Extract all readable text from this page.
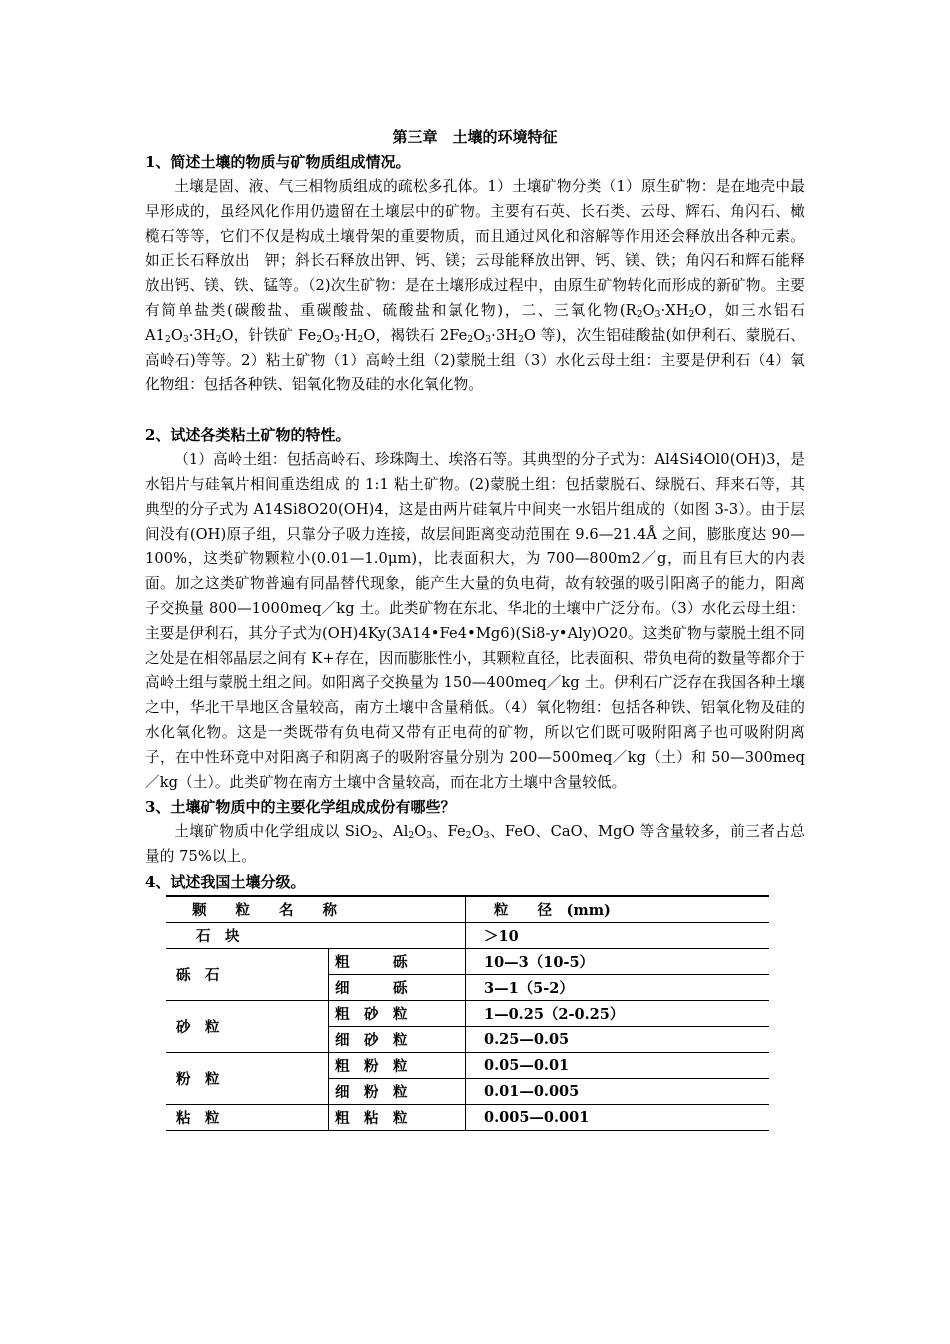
第三章　土壤的环境特征

1、简述土壤的物质与矿物质组成情况。

土壤是固、液、气三相物质组成的疏松多孔体。1）土壤矿物分类（1）原生矿物：是在地壳中最早形成的，虽经风化作用仍遗留在土壤层中的矿物。主要有石英、长石类、云母、辉石、角闪石、橄榄石等等，它们不仅是构成土壤骨架的重要物质，而且通过风化和溶解等作用还会释放出各种元素。如正长石释放出　钾；斜长石释放出钾、钙、镁；云母能释放出钾、钙、镁、铁；角闪石和辉石能释放出钙、镁、铁、锰等。（2)次生矿物：是在土壤形成过程中，由原生矿物转化而形成的新矿物。主要有简单盐类(碳酸盐、重碳酸盐、硫酸盐和氯化物)，二、三氧化物($R_2O_3\cdot XH_2O$，如三水铝石 $A1_2O_3\cdot 3H_2O$，针铁矿 $Fe_2O_3\cdot H_2O$，褐铁石 $2Fe_2O_3\cdot 3H_2O$ 等)，次生铝硅酸盐(如伊利石、蒙脱石、高岭石)等等。2）粘土矿物（1）高岭土组（2)蒙脱土组（3）水化云母土组：主要是伊利石（4）氧化物组：包括各种铁、铝氧化物及硅的水化氧化物。

2、试述各类粘土矿物的特性。

（1）高岭土组：包括高岭石、珍珠陶土、埃洛石等。其典型的分子式为：Al4Si4Ol0(OH)3，是水铝片与硅氧片相间重迭组成 的 1:1 粘土矿物。(2)蒙脱土组：包括蒙脱石、绿脱石、拜来石等，其典型的分子式为 A14Si8O20(OH)4，这是由两片硅氧片中间夹一水铝片组成的（如图 3-3）。由于层间没有(OH)原子组，只靠分子吸力连接，故层间距离变动范围在 9.6—21.4Å 之间，膨胀度达 90—100%，这类矿物颗粒小(0.01—1.0μm)，比表面积大，为 700—800m2／g，而且有巨大的内表面。加之这类矿物普遍有同晶替代现象，能产生大量的负电荷，故有较强的吸引阳离子的能力，阳离子交换量 800—1000meq／kg 土。此类矿物在东北、华北的土壤中广泛分布。（3）水化云母土组：主要是伊利石，其分子式为(OH)4Ky(3A14•Fe4•Mg6)(Si8-y•Aly)O20。这类矿物与蒙脱土组不同之处是在相邻晶层之间有 K+存在，因而膨胀性小，其颗粒直径，比表面积、带负电荷的数量等都介于高岭土组与蒙脱土组之间。如阳离子交换量为 150—400meq／kg 土。伊利石广泛存在我国各种土壤之中，华北干旱地区含量较高，南方土壤中含量稍低。（4）氧化物组：包括各种铁、铝氧化物及硅的水化氧化物。这是一类既带有负电荷又带有正电荷的矿物，所以它们既可吸附阳离子也可吸附阴离子，在中性环竟中对阳离子和阴离子的吸附容量分别为 200—500meq／kg（土）和 50—300meq／kg（土）。此类矿物在南方土壤中含量较高，而在北方土壤中含量较低。

3、土壤矿物质中的主要化学组成成份有哪些？

土壤矿物质中化学组成以 SiO$_2$、$Al_2O_3$、$Fe_2O_3$、FeO、CaO、MgO 等含量较多，前三者占总量的 75%以上。

4、试述我国土壤分级。

颗　　粒　　名　　称		粒　　径　(mm)
石　块		＞10
砾　石	粗　　　砾	10—3（10-5）
	细　　　砾	3—1（5-2）
砂　粒	粗　砂　粒	1—0.25（2-0.25）
	细　砂　粒	0.25—0.05
粉　粒	粗　粉　粒	0.05—0.01
	细　粉　粒	0.01—0.005
粘　粒	粗　粘　粒	0.005—0.001
